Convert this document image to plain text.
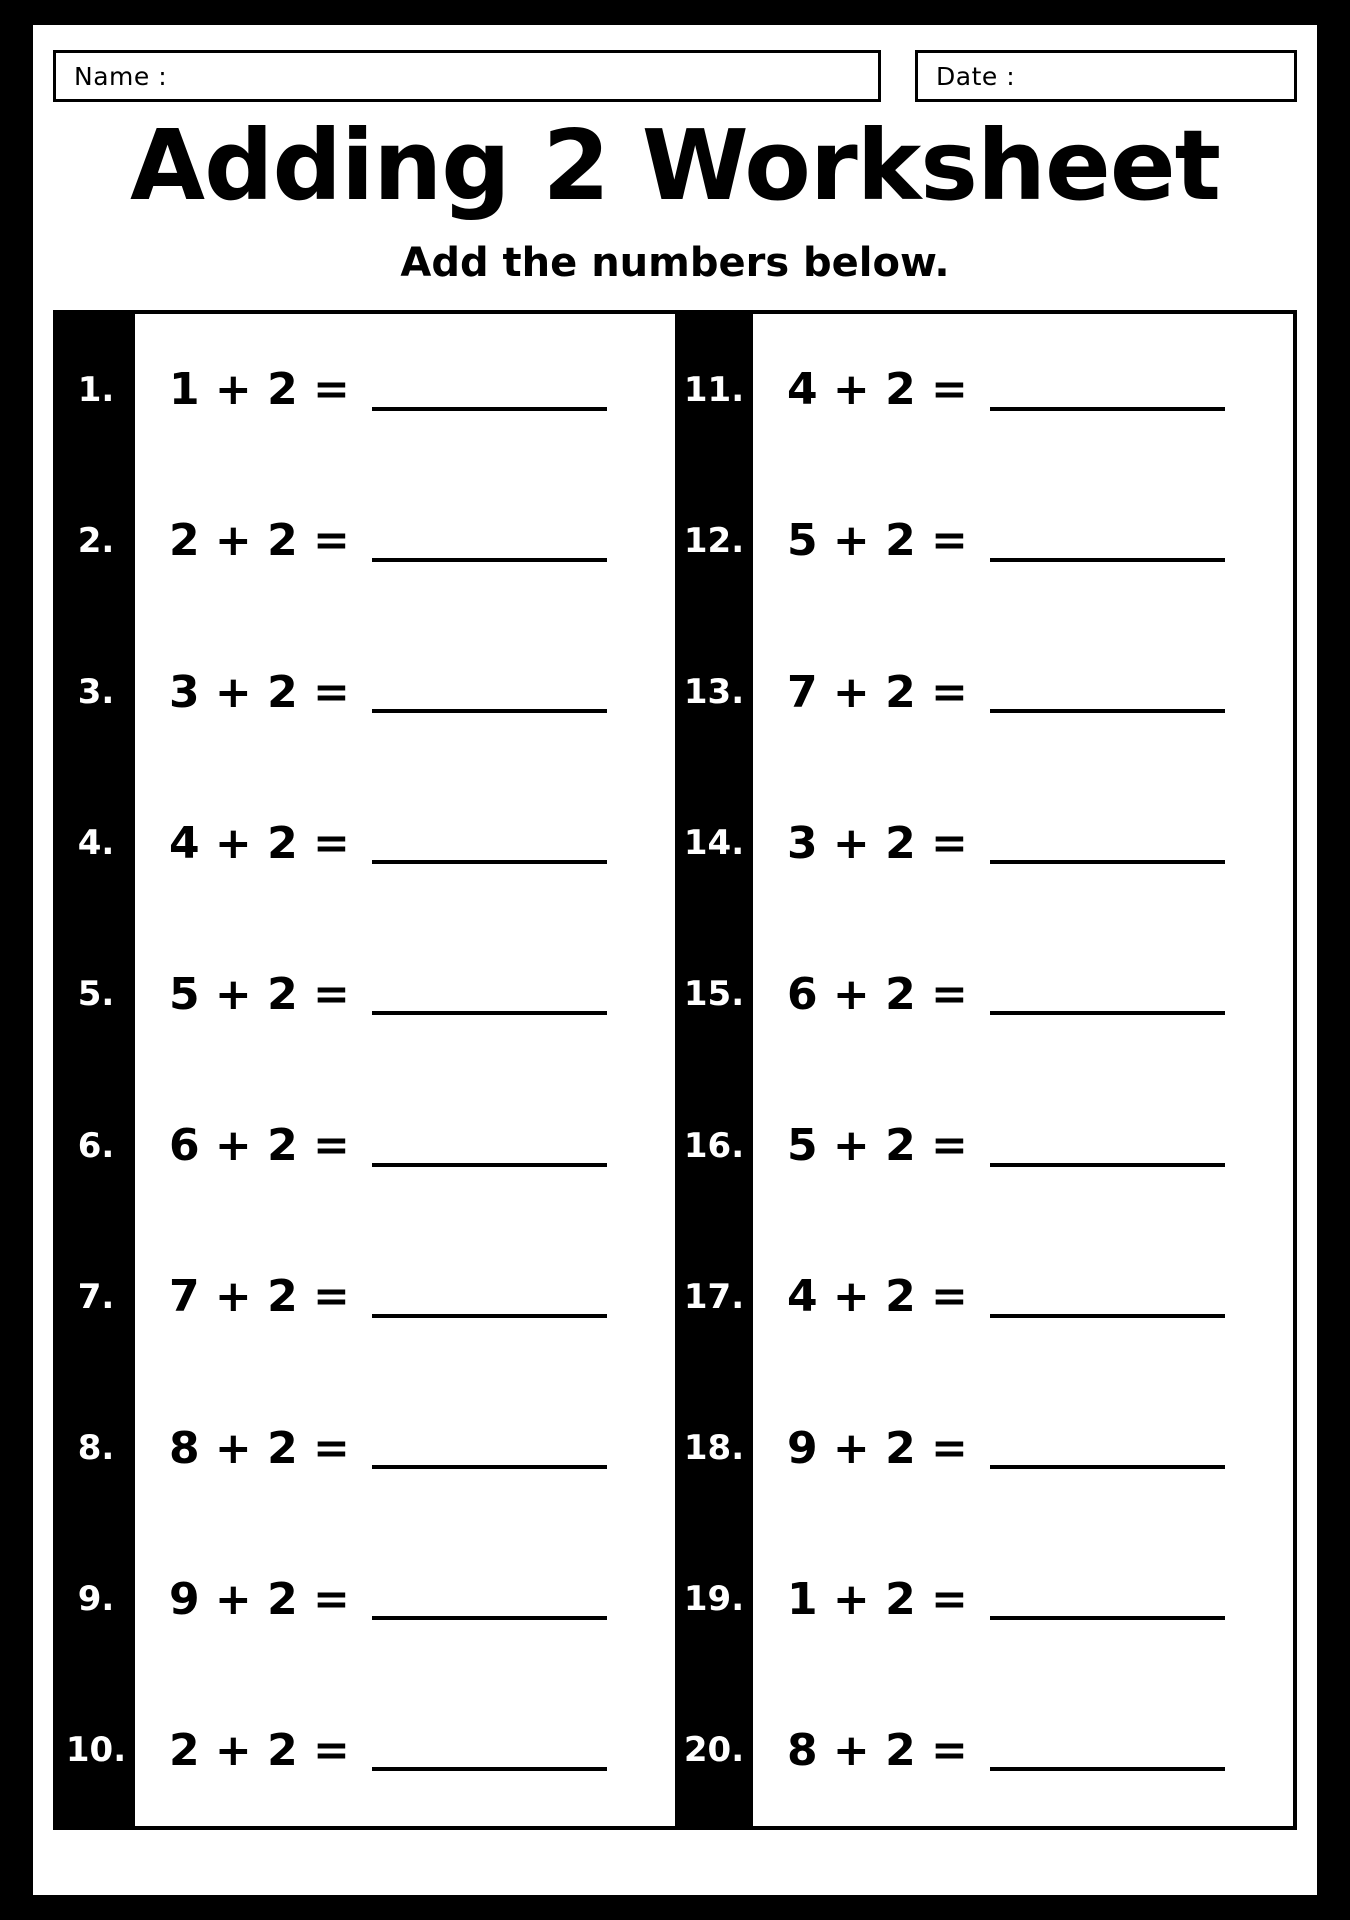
Name :	Date :
Adding 2 Worksheet
Add the numbers below.
1.	1 + 2 =
2.	2 + 2 =
3.	3 + 2 =
4.	4 + 2 =
5.	5 + 2 =
6.	6 + 2 =
7.	7 + 2 =
8.	8 + 2 =
9.	9 + 2 =
10. 2 + 2 =
11. 4 + 2 =
12. 5 + 2 =
13. 7 + 2 =
14. 3 + 2 =
15. 6 + 2 =
16. 5 + 2 =
17. 4 + 2 =
18. 9 + 2 =
19. 1 + 2 =
20. 8 + 2 =
